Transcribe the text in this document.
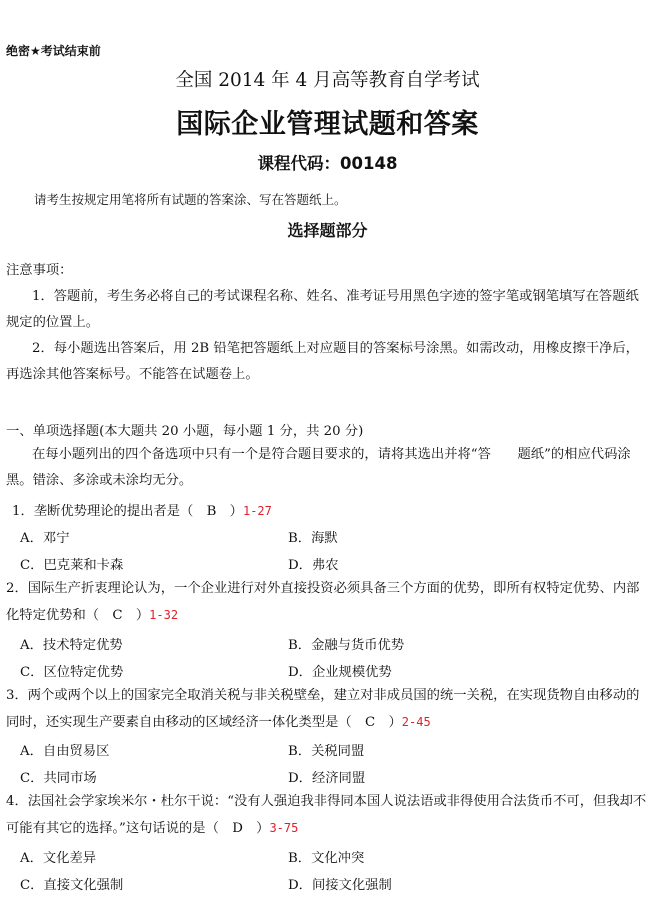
绝密★考试结束前
全国 2014 年 4 月高等教育自学考试
国际企业管理试题和答案
课程代码：00148
请考生按规定用笔将所有试题的答案涂、写在答题纸上。
选择题部分
注意事项：
1．答题前，考生务必将自己的考试课程名称、姓名、准考证号用黑色字迹的签字笔或钢笔填写在答题纸规定的位置上。
2．每小题选出答案后，用 2B 铅笔把答题纸上对应题目的答案标号涂黑。如需改动，用橡皮擦干净后，再选涂其他答案标号。不能答在试题卷上。
一、单项选择题(本大题共 20 小题，每小题 1 分，共 20 分)
在每小题列出的四个备选项中只有一个是符合题目要求的，请将其选出并将“答　　题纸”的相应代码涂黑。错涂、多涂或未涂均无分。
1．垄断优势理论的提出者是（　B　）1-27
A．邓宁	B．海默
C．巴克莱和卡森	D．弗农
2．国际生产折衷理论认为，一个企业进行对外直接投资必须具备三个方面的优势，即所有权特定优势、内部化特定优势和（　C　）1-32
A．技术特定优势	B．金融与货币优势
C．区位特定优势	D．企业规模优势
3．两个或两个以上的国家完全取消关税与非关税壁垒，建立对非成员国的统一关税，在实现货物自由移动的同时，还实现生产要素自由移动的区域经济一体化类型是（　C　）2-45
A．自由贸易区	B．关税同盟
C．共同市场	D．经济同盟
4．法国社会学家埃米尔・杜尔干说：“没有人强迫我非得同本国人说法语或非得使用合法货币不可，但我却不可能有其它的选择。”这句话说的是（　D　）3-75
A．文化差异	B．文化冲突
C．直接文化强制	D．间接文化强制
